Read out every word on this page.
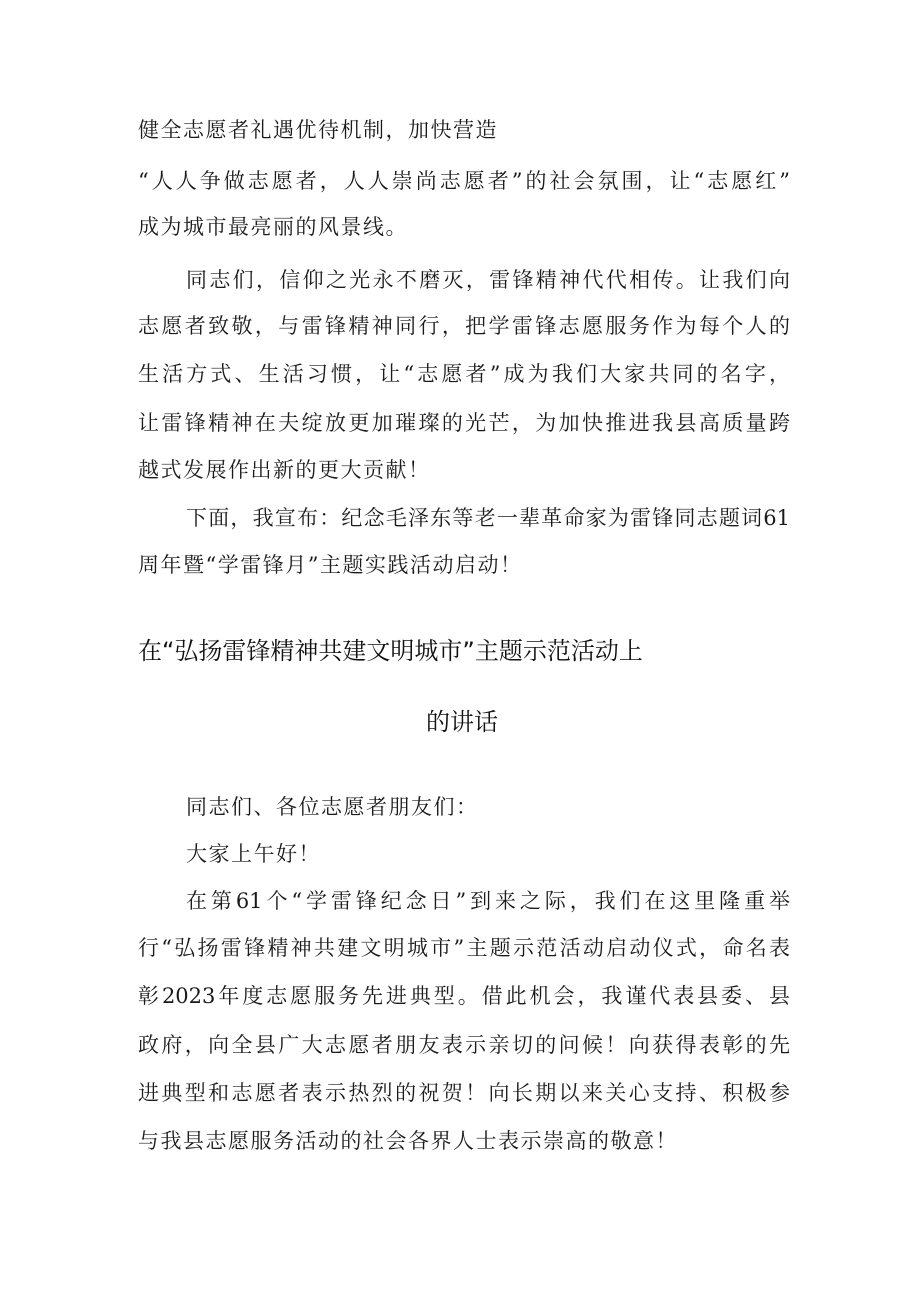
健全志愿者礼遇优待机制，加快营造
“人人争做志愿者，人人崇尚志愿者”的社会氛围，让“志愿红”
成为城市最亮丽的风景线。
同志们，信仰之光永不磨灭，雷锋精神代代相传。让我们向
志愿者致敬，与雷锋精神同行，把学雷锋志愿服务作为每个人的
生活方式、生活习惯，让“志愿者”成为我们大家共同的名字，
让雷锋精神在夫绽放更加璀璨的光芒，为加快推进我县高质量跨
越式发展作出新的更大贡献！
下面，我宣布：纪念毛泽东等老一辈革命家为雷锋同志题词61
周年暨“学雷锋月”主题实践活动启动！
在“弘扬雷锋精神共建文明城市”主题示范活动上
的讲话
同志们、各位志愿者朋友们：
大家上午好！
在第61个“学雷锋纪念日”到来之际，我们在这里隆重举
行“弘扬雷锋精神共建文明城市”主题示范活动启动仪式，命名表
彰2023年度志愿服务先进典型。借此机会，我谨代表县委、县
政府，向全县广大志愿者朋友表示亲切的问候！向获得表彰的先
进典型和志愿者表示热烈的祝贺！向长期以来关心支持、积极参
与我县志愿服务活动的社会各界人士表示崇高的敬意！
